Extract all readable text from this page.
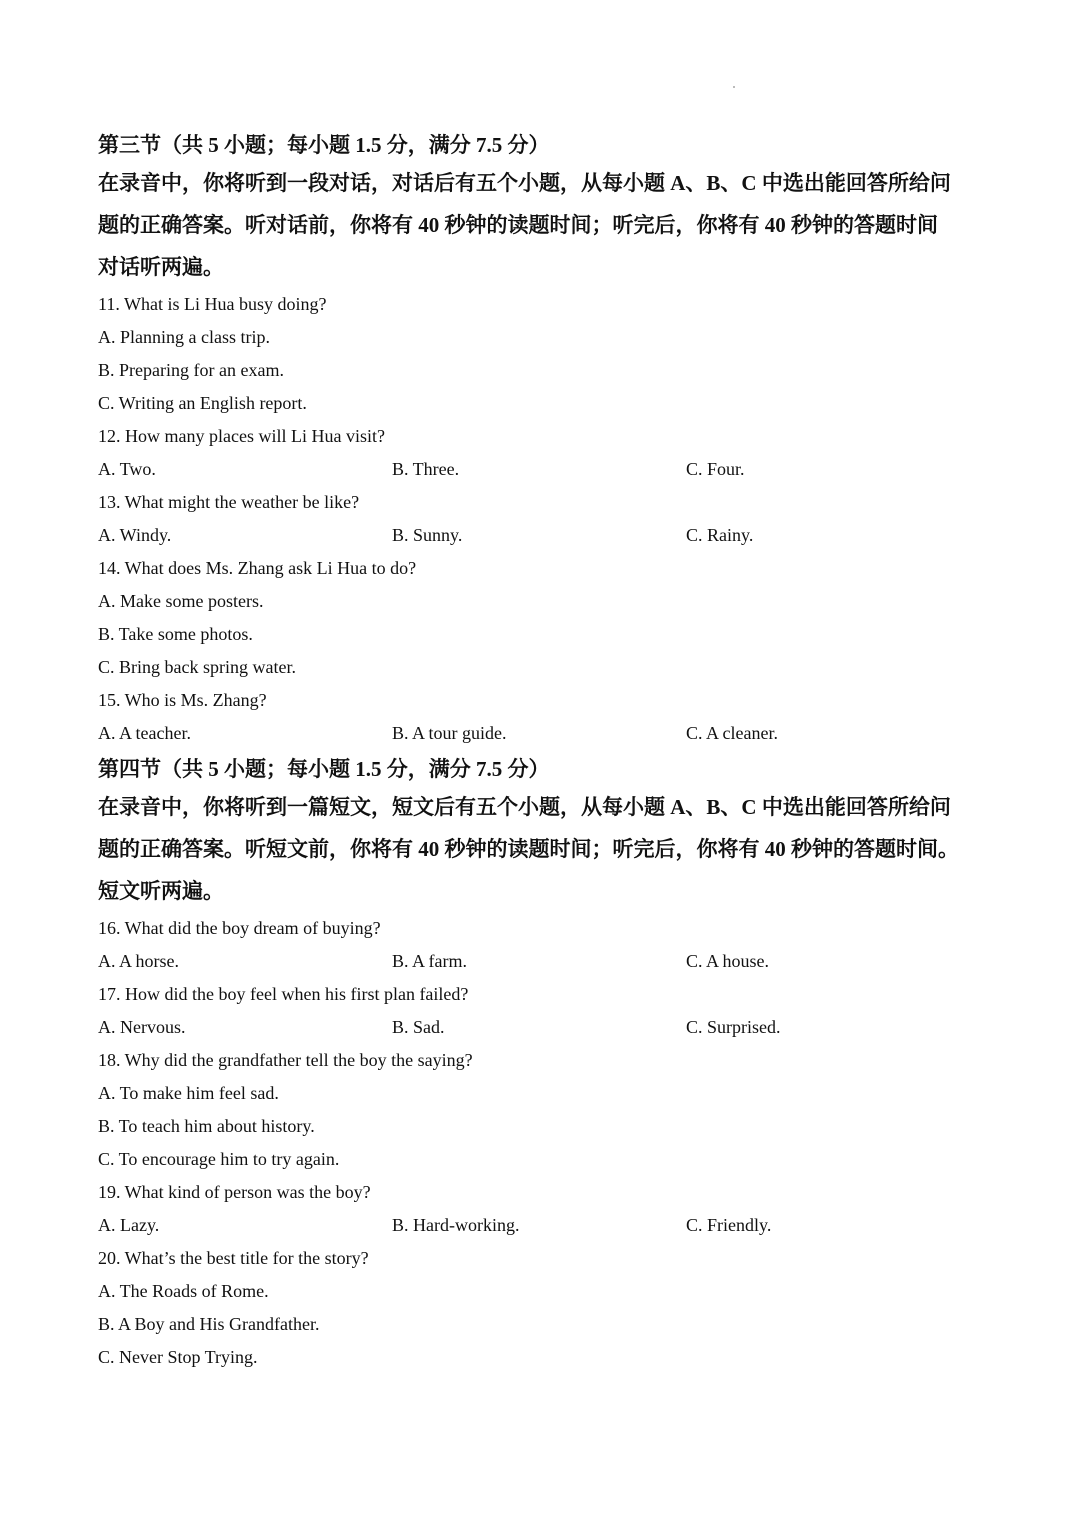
第三节（共 5 小题；每小题 1.5 分，满分 7.5 分）

在录音中，你将听到一段对话，对话后有五个小题，从每小题 A、B、C 中选出能回答所给问
题的正确答案。听对话前，你将有 40 秒钟的读题时间；听完后，你将有 40 秒钟的答题时间
对话听两遍。

11. What is Li Hua busy doing?

A. Planning a class trip.
B. Preparing for an exam.
C. Writing an English report.

12. How many places will Li Hua visit?

A. Two.	B. Three.	C. Four.

13. What might the weather be like?

A. Windy.	B. Sunny.	C. Rainy.

14. What does Ms. Zhang ask Li Hua to do?

A. Make some posters.
B. Take some photos.
C. Bring back spring water.

15. Who is Ms. Zhang?

A. A teacher.	B. A tour guide.	C. A cleaner.

第四节（共 5 小题；每小题 1.5 分，满分 7.5 分）

在录音中，你将听到一篇短文，短文后有五个小题，从每小题 A、B、C 中选出能回答所给问
题的正确答案。听短文前，你将有 40 秒钟的读题时间；听完后，你将有 40 秒钟的答题时间。
短文听两遍。

16. What did the boy dream of buying?

A. A horse.	B. A farm.	C. A house.

17. How did the boy feel when his first plan failed?

A. Nervous.	B. Sad.	C. Surprised.

18. Why did the grandfather tell the boy the saying?

A. To make him feel sad.
B. To teach him about history.
C. To encourage him to try again.

19. What kind of person was the boy?

A. Lazy.	B. Hard-working.	C. Friendly.

20. What’s the best title for the story?

A. The Roads of Rome.
B. A Boy and His Grandfather.
C. Never Stop Trying.
